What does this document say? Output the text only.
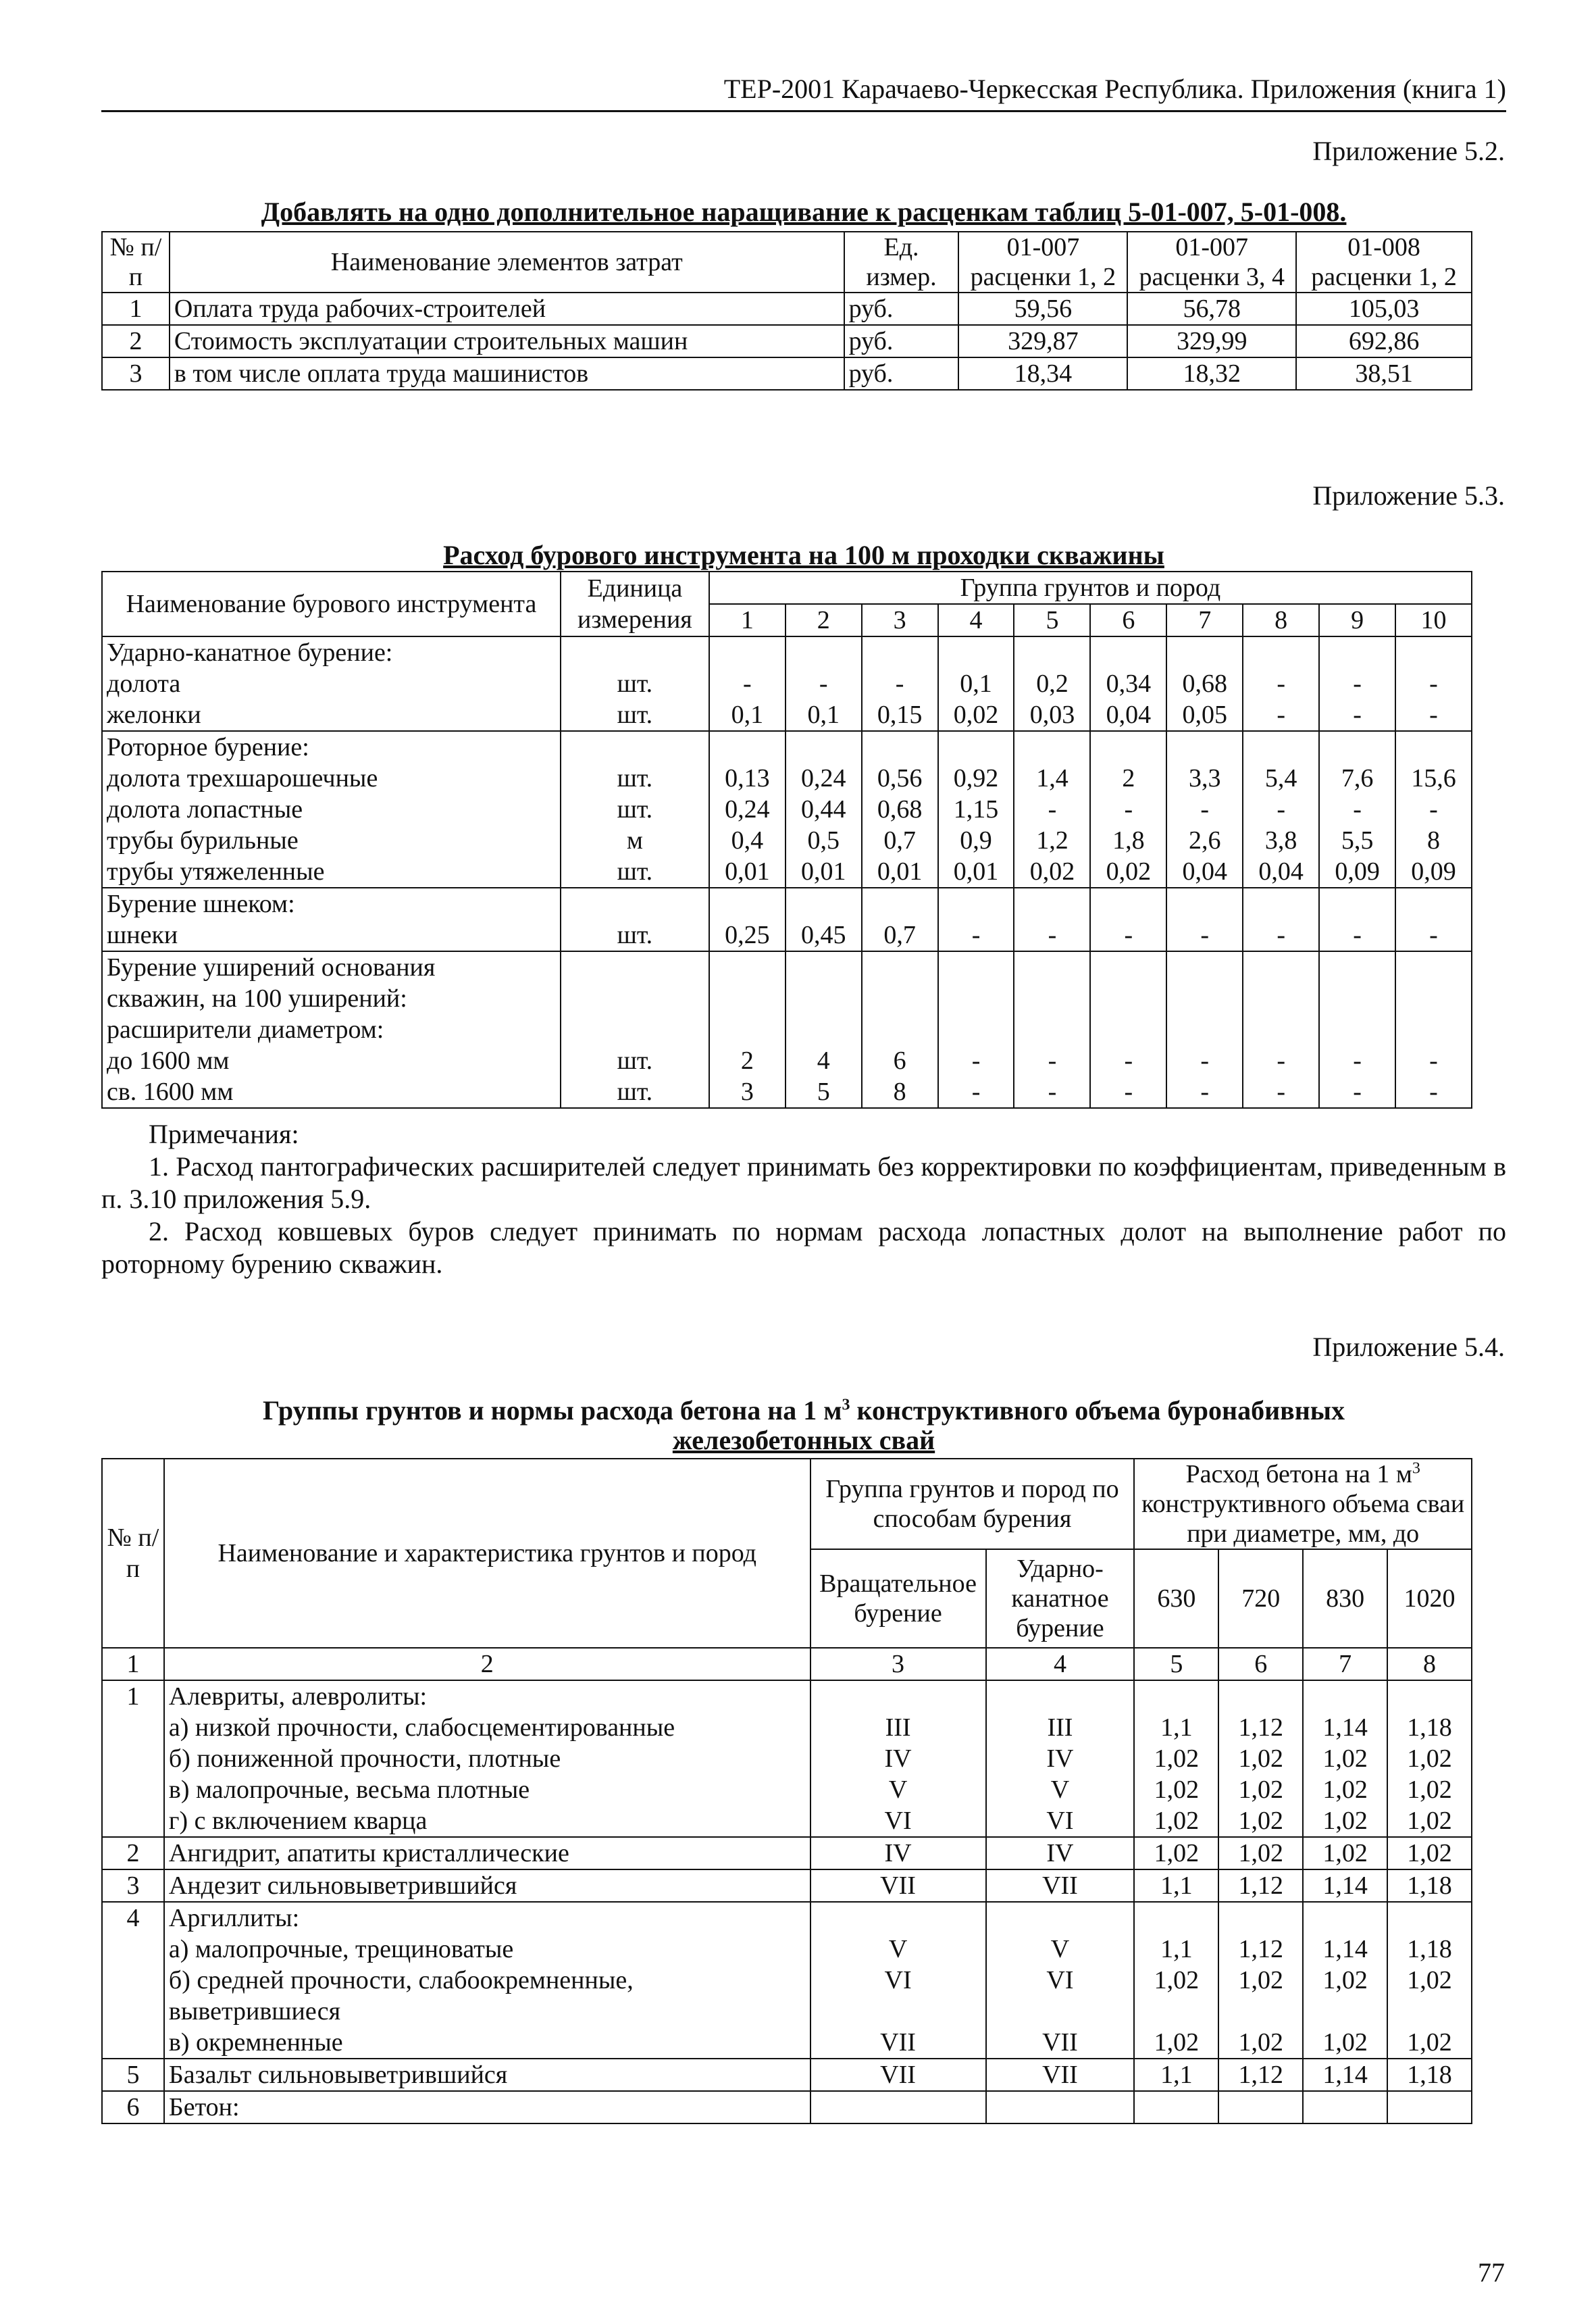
ТЕР-2001 Карачаево-Черкесская Республика. Приложения (книга 1)
Приложение 5.2.
Добавлять на одно дополнительное наращивание к расценкам таблиц 5-01-007, 5-01-008.
№ п/п	Наименование элементов затрат	Ед. измер.	01-007 расценки 1, 2	01-007 расценки 3, 4	01-008 расценки 1, 2
1	Оплата труда рабочих-строителей	руб.	59,56	56,78	105,03
2	Стоимость эксплуатации строительных машин	руб.	329,87	329,99	692,86
3	в том числе оплата труда машинистов	руб.	18,34	18,32	38,51
Приложение 5.3.
Расход бурового инструмента на 100 м проходки скважины
Наименование бурового инструмента	Единица измерения	Группа грунтов и пород									
		1	2	3	4	5	6	7	8	9	10
Ударно-канатное бурение:											
долота	шт.	-	-	-	0,1	0,2	0,34	0,68	-	-	-
желонки	шт.	0,1	0,1	0,15	0,02	0,03	0,04	0,05	-	-	-
Роторное бурение:											
долота трехшарошечные	шт.	0,13	0,24	0,56	0,92	1,4	2	3,3	5,4	7,6	15,6
долота лопастные	шт.	0,24	0,44	0,68	1,15	-	-	-	-	-	-
трубы бурильные	м	0,4	0,5	0,7	0,9	1,2	1,8	2,6	3,8	5,5	8
трубы утяжеленные	шт.	0,01	0,01	0,01	0,01	0,02	0,02	0,04	0,04	0,09	0,09
Бурение шнеком:											
шнеки	шт.	0,25	0,45	0,7	-	-	-	-	-	-	-
Бурение уширений основания											
скважин, на 100 уширений:											
расширители диаметром:											
до 1600 мм	шт.	2	4	6	-	-	-	-	-	-	-
св. 1600 мм	шт.	3	5	8	-	-	-	-	-	-	-

Примечания:

1. Расход пантографических расширителей следует принимать без корректировки по коэффициентам, приведенным в п. 3.10 приложения 5.9.

2. Расход ковшевых буров следует принимать по нормам расхода лопастных долот на выполнение работ по роторному бурению скважин.

Приложение 5.4.
Группы грунтов и нормы расхода бетона на 1 $м^3$ конструктивного объема буронабивных
железобетонных свай
№ п/п	Наименование и характеристика грунтов и пород	Группа грунтов и пород по способам бурения		Расход бетона на 1 $м^3$ конструктивного объема сваи при диаметре, мм, до			
		Вращательное бурение	Ударно-канатное бурение	630	720	830	1020
1	2	3	4	5	6	7	8
1	Алевриты, алевролиты:						
	а) низкой прочности, слабосцементированные	III	III	1,1	1,12	1,14	1,18
	б) пониженной прочности, плотные	IV	IV	1,02	1,02	1,02	1,02
	в) малопрочные, весьма плотные	V	V	1,02	1,02	1,02	1,02
	г) с включением кварца	VI	VI	1,02	1,02	1,02	1,02
2	Ангидрит, апатиты кристаллические	IV	IV	1,02	1,02	1,02	1,02
3	Андезит сильновыветрившийся	VII	VII	1,1	1,12	1,14	1,18
4	Аргиллиты:						
	а) малопрочные, трещиноватые	V	V	1,1	1,12	1,14	1,18
	б) средней прочности, слабоокремненные,	VI	VI	1,02	1,02	1,02	1,02
	выветрившиеся						
	в) окремненные	VII	VII	1,02	1,02	1,02	1,02
5	Базальт сильновыветрившийся	VII	VII	1,1	1,12	1,14	1,18
6	Бетон:						
77
